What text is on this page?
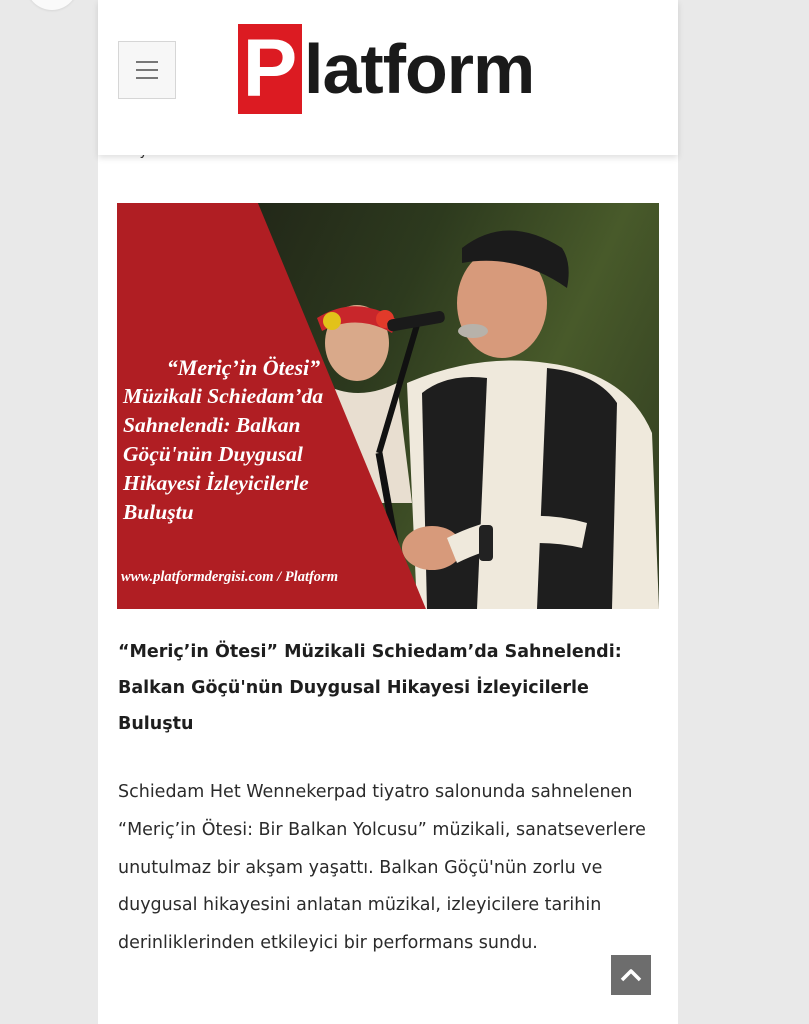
P latform
“Meriç’in Ötesi”
Müzikali Schiedam’da
Sahnelendi: Balkan
Göçü'nün Duygusal
Hikayesi İzleyicilerle
Buluştu
www.platformdergisi.com / Platform
“Meriç’in Ötesi” Müzikali Schiedam’da Sahnelendi: Balkan Göçü'nün Duygusal Hikayesi İzleyicilerle Buluştu
Schiedam Het Wennekerpad tiyatro salonunda sahnelenen “Meriç’in Ötesi: Bir Balkan Yolcusu” müzikali, sanatseverlere unutulmaz bir akşam yaşattı. Balkan Göçü'nün zorlu ve duygusal hikayesini anlatan müzikal, izleyicilere tarihin derinliklerinden etkileyici bir performans sundu.
